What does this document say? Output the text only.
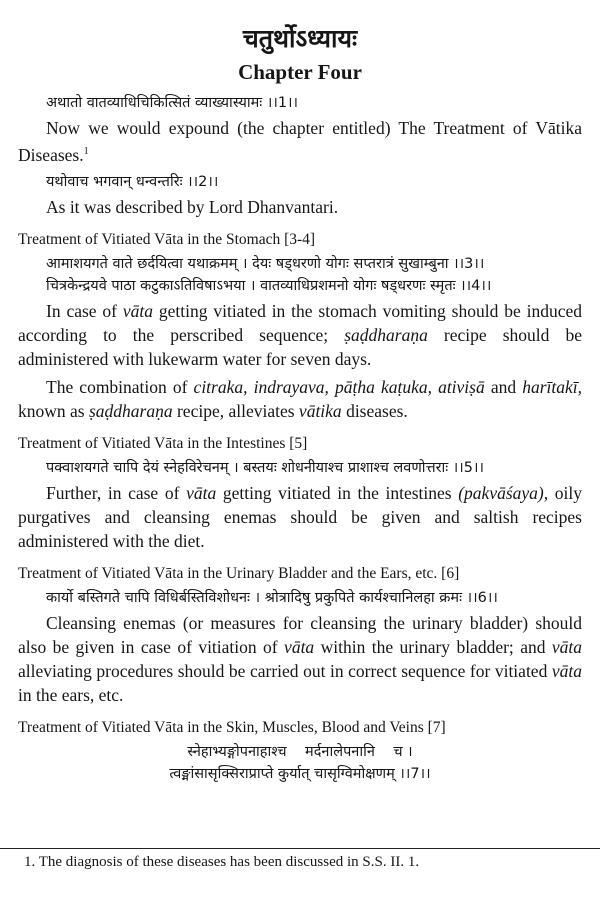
चतुर्थोऽध्यायः
Chapter Four

अथातो वातव्याधिचिकित्सितं व्याख्यास्यामः ।।1।।

Now we would expound (the chapter entitled) The Treatment of Vātika Diseases.$^1$

यथोवाच भगवान् धन्वन्तरिः ।।2।।

As it was described by Lord Dhanvantari.

Treatment of Vitiated Vāta in the Stomach [3-4]

आमाशयगते वाते छर्दयित्वा यथाक्रमम् । देयः षड्धरणो योगः सप्तरात्रं सुखाम्बुना ।।3।।

चित्रकेन्द्रयवे पाठा कटुकाऽतिविषाऽभया । वातव्याधिप्रशमनो योगः षड्धरणः स्मृतः ।।4।।

In case of vāta getting vitiated in the stomach vomiting should be induced according to the perscribed sequence; ṣaḍdharaṇa recipe should be administered with lukewarm water for seven days.

The combination of citraka, indrayava, pāṭha kaṭuka, ativiṣā and harītakī, known as ṣaḍdharaṇa recipe, alleviates vātika diseases.

Treatment of Vitiated Vāta in the Intestines [5]

पक्वाशयगते चापि देयं स्नेहविरेचनम् । बस्तयः शोधनीयाश्च प्राशाश्च लवणोत्तराः ।।5।।

Further, in case of vāta getting vitiated in the intestines (pakvāśaya), oily purgatives and cleansing enemas should be given and saltish recipes administered with the diet.

Treatment of Vitiated Vāta in the Urinary Bladder and the Ears, etc. [6]

कार्यो बस्तिगते चापि विधिर्बस्तिविशोधनः । श्रोत्रादिषु प्रकुपिते कार्यश्चानिलहा क्रमः ।।6।।

Cleansing enemas (or measures for cleansing the urinary bladder) should also be given in case of vitiation of vāta within the urinary bladder; and vāta alleviating procedures should be carried out in correct sequence for vitiated vāta in the ears, etc.

Treatment of Vitiated Vāta in the Skin, Muscles, Blood and Veins [7]

स्नेहाभ्यङ्गोपनाहाश्च    मर्दनालेपनानि    च ।

त्वङ्मांसासृक्सिराप्राप्ते कुर्यात् चासृग्विमोक्षणम् ।।7।।

1. The diagnosis of these diseases has been discussed in S.S. II. 1.
